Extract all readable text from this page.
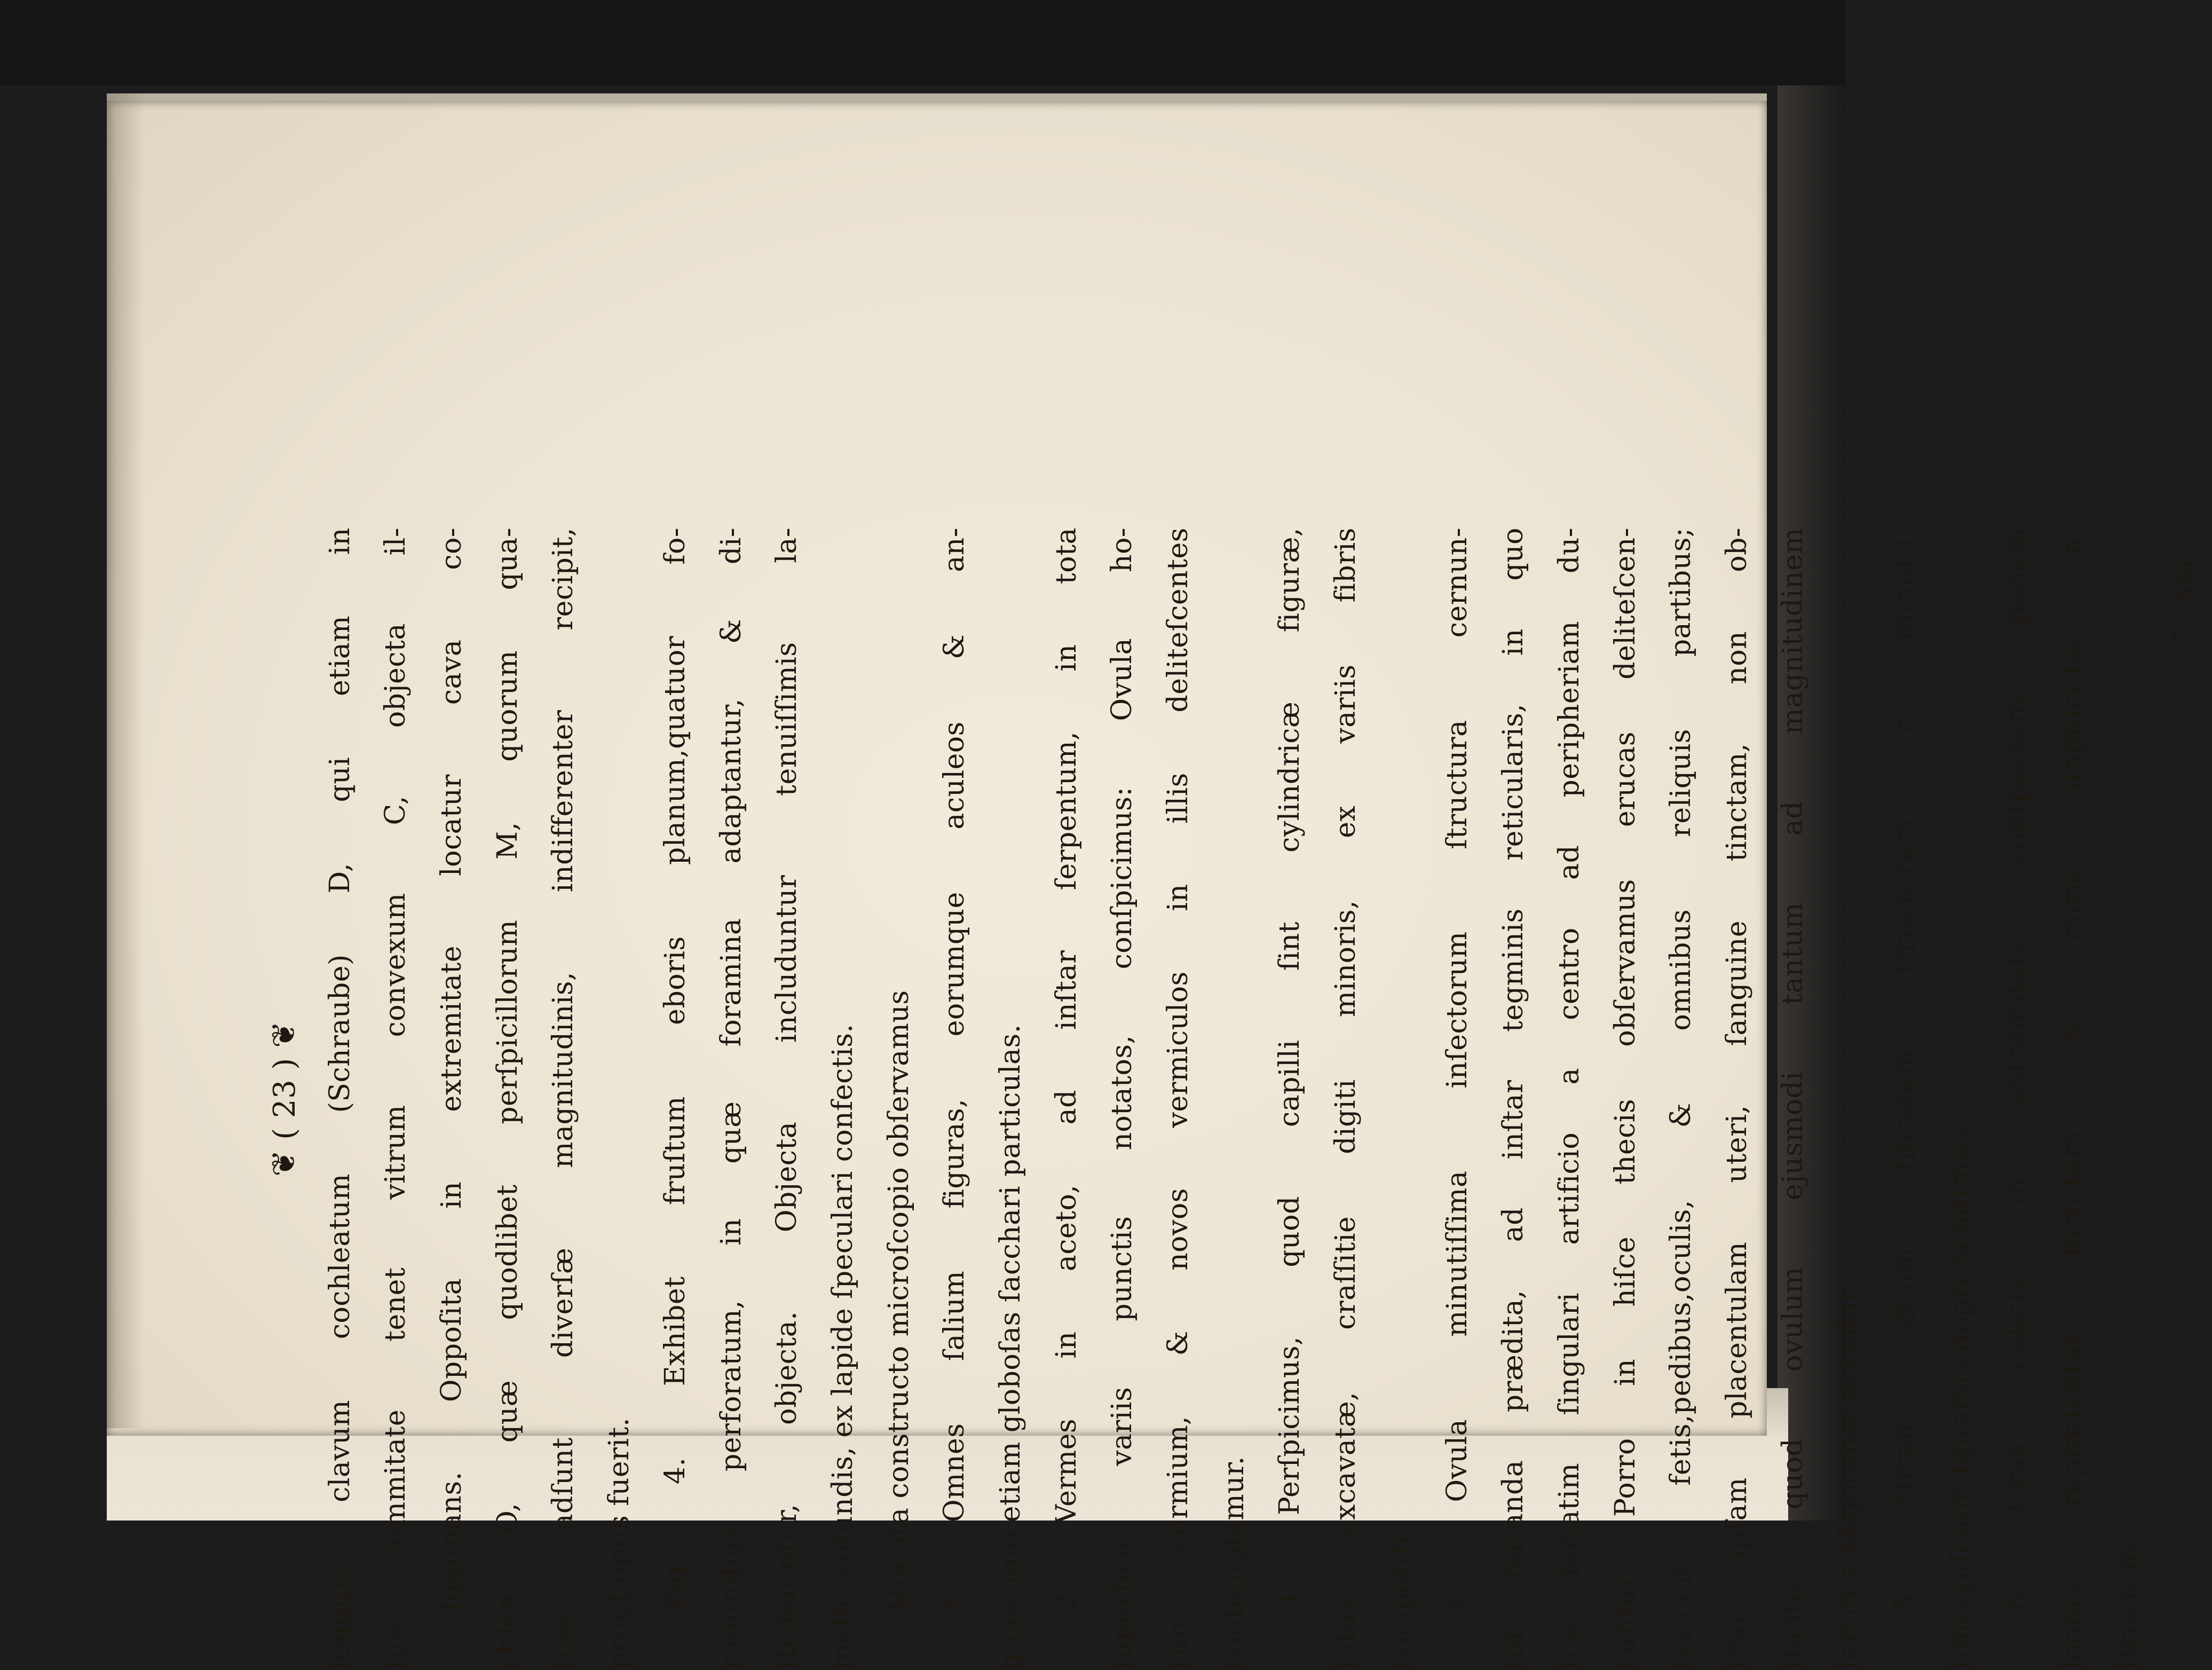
❦ ( 23 ) ❦ longum clavum cochleatum (Schraube) D, qui etiam in ſua ſummitate tenet vitrum convexum C, objecta il- luminans. Oppoſita in extremitate locatur cava co- chlea O, quæ quodlibet perſpicillorum M, quorum qua- tuor adſunt diverſæ magnitudinis, indifferenter recipit, prout opus fuerit. Fig. 4. Exhibet fruſtum eboris planum,quatuor fo- raminibus perforatum, in quæ foramina adaptantur, & di- ſtribuuntur, objecta. Objecta includuntur tenuiſſimis la- mellis rotundis, ex lapide ſpeculari confectis. Hoc ita constructo microſcopio obſervamus 1. Omnes ſalium figuras, eorumque aculeos & an- gulos,imo etiam globoſas ſacchari particulas. 2. Vermes in aceto, ad inſtar ſerpentum, in tota ſuperficie variis punctis notatos, conſpicimus: Ovula ho- rum vermium, & novos vermiculos in illis deliteſcentes contemplamur. 3. Perſpicimus, quod capilli ſint cylindricæ figuræ, intus excavatæ, craſſitie digiti minoris, ex variis fibris compoſiti. 4. Ovula minutiſſima inſectorum ſtructura cernun- tur miranda prædita, ad inſtar tegminis reticularis, in quo fila feriatim ſingulari artificio a centro ad peripheriam du- cuntur. Porro in hiſce thecis obſervamus erucas deliteſcen- tes,cum fetis,pedibus,oculis, & omnibus reliquis partibus; imo ipſam placentulam uteri, ſanguine tinctam, non ob- ſtante, quod ovulum ejusmodi tantum ad magnitudinem feminis Majoranæ accedat. 5. Miram offium fibroſam ſtructuram in minutiſ- ſimis piſcium ſquamis deprehendimus. 6. Crus culicis in extremitate conſpectum pedem leonis repræſentat hirſutum, & miris unguiculis in- ſtructum.
7. Ala
